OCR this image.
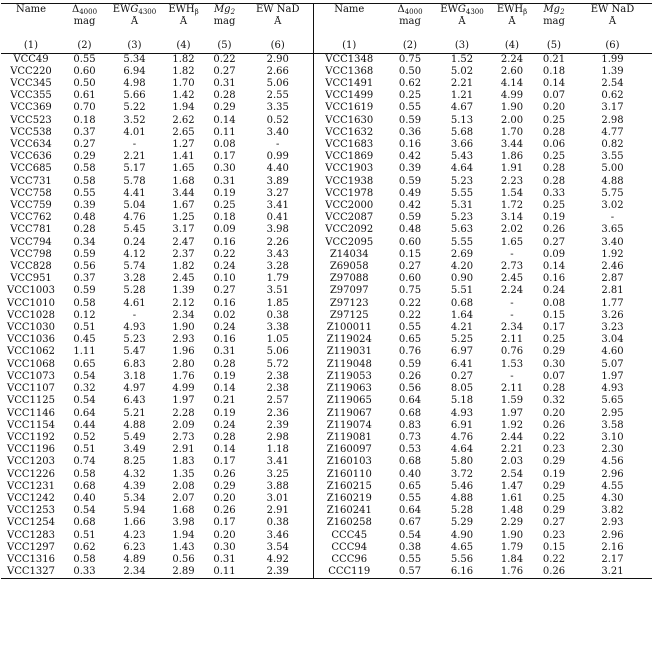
Name	$\Delta_{4000}$	$EWG_{4300}$	$EWH_\beta$	$Mg_2$	EW NaD	Name	$\Delta_{4000}$	$EWG_{4300}$	$EWH_\beta$	$Mg_2$	EW NaD
	mag	Å	Å	mag	Å		mag	Å	Å	mag	Å

(1)	(2)	(3)	(4)	(5)	(6)	(1)	(2)	(3)	(4)	(5)	(6)
VCC49	0.55	5.34	1.82	0.22	2.90	VCC1348	0.75	1.52	2.24	0.21	1.99
VCC220	0.60	6.94	1.82	0.27	2.66	VCC1368	0.50	5.02	2.60	0.18	1.39
VCC345	0.50	4.98	1.70	0.31	5.06	VCC1491	0.62	2.21	4.14	0.14	2.54
VCC355	0.61	5.66	1.42	0.28	2.55	VCC1499	0.25	1.21	4.99	0.07	0.62
VCC369	0.70	5.22	1.94	0.29	3.35	VCC1619	0.55	4.67	1.90	0.20	3.17
VCC523	0.18	3.52	2.62	0.14	0.52	VCC1630	0.59	5.13	2.00	0.25	2.98
VCC538	0.37	4.01	2.65	0.11	3.40	VCC1632	0.36	5.68	1.70	0.28	4.77
VCC634	0.27	-	1.27	0.08	-	VCC1683	0.16	3.66	3.44	0.06	0.82
VCC636	0.29	2.21	1.41	0.17	0.99	VCC1869	0.42	5.43	1.86	0.25	3.55
VCC685	0.58	5.17	1.65	0.30	4.40	VCC1903	0.39	4.64	1.91	0.28	5.00
VCC731	0.58	5.78	1.68	0.31	3.89	VCC1938	0.59	5.23	2.23	0.28	4.88
VCC758	0.55	4.41	3.44	0.19	3.27	VCC1978	0.49	5.55	1.54	0.33	5.75
VCC759	0.39	5.04	1.67	0.25	3.41	VCC2000	0.42	5.31	1.72	0.25	3.02
VCC762	0.48	4.76	1.25	0.18	0.41	VCC2087	0.59	5.23	3.14	0.19	-
VCC781	0.28	5.45	3.17	0.09	3.98	VCC2092	0.48	5.63	2.02	0.26	3.65
VCC794	0.34	0.24	2.47	0.16	2.26	VCC2095	0.60	5.55	1.65	0.27	3.40
VCC798	0.59	4.12	2.37	0.22	3.43	Z14034	0.15	2.69	-	0.09	1.92
VCC828	0.56	5.74	1.82	0.24	3.28	Z69058	0.27	4.20	2.73	0.14	2.46
VCC951	0.37	3.28	2.45	0.10	1.79	Z97088	0.60	0.90	2.45	0.16	2.87
VCC1003	0.59	5.28	1.39	0.27	3.51	Z97097	0.75	5.51	2.24	0.24	2.81
VCC1010	0.58	4.61	2.12	0.16	1.85	Z97123	0.22	0.68	-	0.08	1.77
VCC1028	0.12	-	2.34	0.02	0.38	Z97125	0.22	1.64	-	0.15	3.26
VCC1030	0.51	4.93	1.90	0.24	3.38	Z100011	0.55	4.21	2.34	0.17	3.23
VCC1036	0.45	5.23	2.93	0.16	1.05	Z119024	0.65	5.25	2.11	0.25	3.04
VCC1062	1.11	5.47	1.96	0.31	5.06	Z119031	0.76	6.97	0.76	0.29	4.60
VCC1068	0.65	6.83	2.80	0.28	5.72	Z119048	0.59	6.41	1.53	0.30	5.07
VCC1073	0.54	3.18	1.76	0.19	2.38	Z119053	0.26	0.27	-	0.07	1.97
VCC1107	0.32	4.97	4.99	0.14	2.38	Z119063	0.56	8.05	2.11	0.28	4.93
VCC1125	0.54	6.43	1.97	0.21	2.57	Z119065	0.64	5.18	1.59	0.32	5.65
VCC1146	0.64	5.21	2.28	0.19	2.36	Z119067	0.68	4.93	1.97	0.20	2.95
VCC1154	0.44	4.88	2.09	0.24	2.39	Z119074	0.83	6.91	1.92	0.26	3.58
VCC1192	0.52	5.49	2.73	0.28	2.98	Z119081	0.73	4.76	2.44	0.22	3.10
VCC1196	0.51	3.49	2.91	0.14	1.18	Z160097	0.53	4.64	2.21	0.23	2.30
VCC1203	0.74	8.25	1.83	0.17	3.41	Z160103	0.68	5.80	2.03	0.29	4.56
VCC1226	0.58	4.32	1.35	0.26	3.25	Z160110	0.40	3.72	2.54	0.19	2.96
VCC1231	0.68	4.39	2.08	0.29	3.88	Z160215	0.65	5.46	1.47	0.29	4.55
VCC1242	0.40	5.34	2.07	0.20	3.01	Z160219	0.55	4.88	1.61	0.25	4.30
VCC1253	0.54	5.94	1.68	0.26	2.91	Z160241	0.64	5.28	1.48	0.29	3.82
VCC1254	0.68	1.66	3.98	0.17	0.38	Z160258	0.67	5.29	2.29	0.27	2.93
VCC1283	0.51	4.23	1.94	0.20	3.46	CCC45	0.54	4.90	1.90	0.23	2.96
VCC1297	0.62	6.23	1.43	0.30	3.54	CCC94	0.38	4.65	1.79	0.15	2.16
VCC1316	0.58	4.89	0.56	0.31	4.92	CCC96	0.55	5.56	1.84	0.22	2.17
VCC1327	0.33	2.34	2.89	0.11	2.39	CCC119	0.57	6.16	1.76	0.26	3.21
